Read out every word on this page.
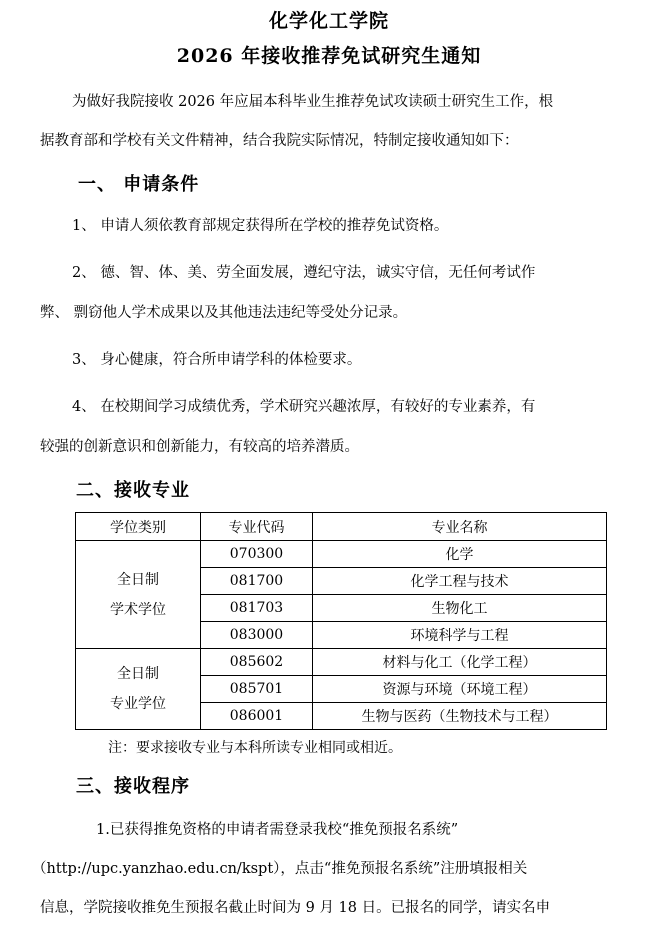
化学化工学院
2026 年接收推荐免试研究生通知
为做好我院接收 2026 年应届本科毕业生推荐免试攻读硕士研究生工作，根
据教育部和学校有关文件精神，结合我院实际情况，特制定接收通知如下：
一、 申请条件
1、 申请人须依教育部规定获得所在学校的推荐免试资格。
2、 德、智、体、美、劳全面发展，遵纪守法，诚实守信，无任何考试作
弊、 剽窃他人学术成果以及其他违法违纪等受处分记录。
3、 身心健康，符合所申请学科的体检要求。
4、 在校期间学习成绩优秀，学术研究兴趣浓厚，有较好的专业素养，有
较强的创新意识和创新能力，有较高的培养潜质。
二、接收专业
学位类别	专业代码	专业名称

全日制
学术学位	070300	化学
	081700	化学工程与技术
	081703	生物化工
	083000	环境科学与工程

全日制
专业学位	085602	材料与化工（化学工程）
	085701	资源与环境（环境工程）
	086001	生物与医药（生物技术与工程）
注：要求接收专业与本科所读专业相同或相近。
三、接收程序
1.已获得推免资格的申请者需登录我校“推免预报名系统”
（http://upc.yanzhao.edu.cn/kspt），点击“推免预报名系统”注册填报相关
信息，学院接收推免生预报名截止时间为 9 月 18 日。已报名的同学，请实名申
